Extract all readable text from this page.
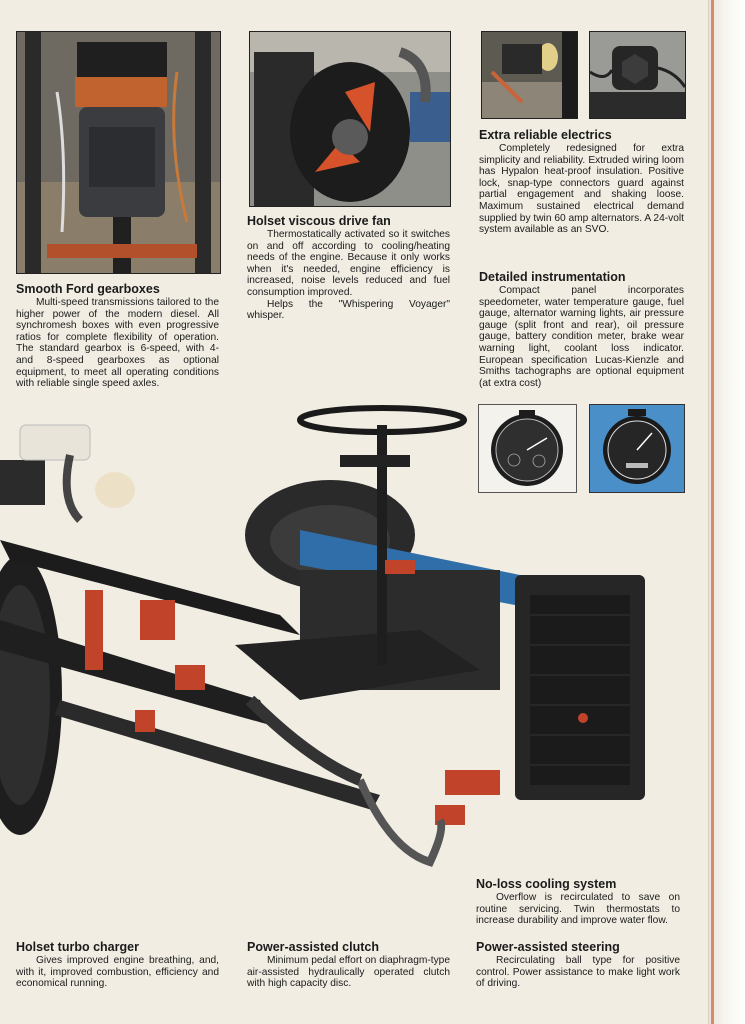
Smooth Ford gearboxes

Multi-speed transmissions tailored to the higher power of the modern diesel. All synchromesh boxes with even progressive ratios for complete flexibility of operation. The standard gearbox is 6-speed, with 4- and 8-speed gearboxes as optional equipment, to meet all operating conditions with reliable single speed axles.

Holset viscous drive fan

Thermostatically activated so it switches on and off according to cooling/heating needs of the engine. Because it only works when it's needed, engine efficiency is increased, noise levels reduced and fuel consumption improved.
Helps the "Whispering Voyager" whisper.

Extra reliable electrics

Completely redesigned for extra simplicity and reliability. Extruded wiring loom has Hypalon heat-proof insulation. Positive lock, snap-type connectors guard against partial engagement and shaking loose. Maximum sustained electrical demand supplied by twin 60 amp alternators. A 24-volt system available as an SVO.

Detailed instrumentation

Compact panel incorporates speedometer, water temperature gauge, fuel gauge, alternator warning lights, air pressure gauge (split front and rear), oil pressure gauge, battery condition meter, brake wear warning light, coolant loss indicator. European specification Lucas-Kienzle and Smiths tachographs are optional equipment (at extra cost)

No-loss cooling system

Overflow is recirculated to save on routine servicing. Twin thermostats to increase durability and improve water flow.

Power-assisted steering

Recirculating ball type for positive control. Power assistance to make light work of driving.

Holset turbo charger

Gives improved engine breathing, and, with it, improved combustion, efficiency and economical running.

Power-assisted clutch

Minimum pedal effort on diaphragm-type air-assisted hydraulically operated clutch with high capacity disc.
